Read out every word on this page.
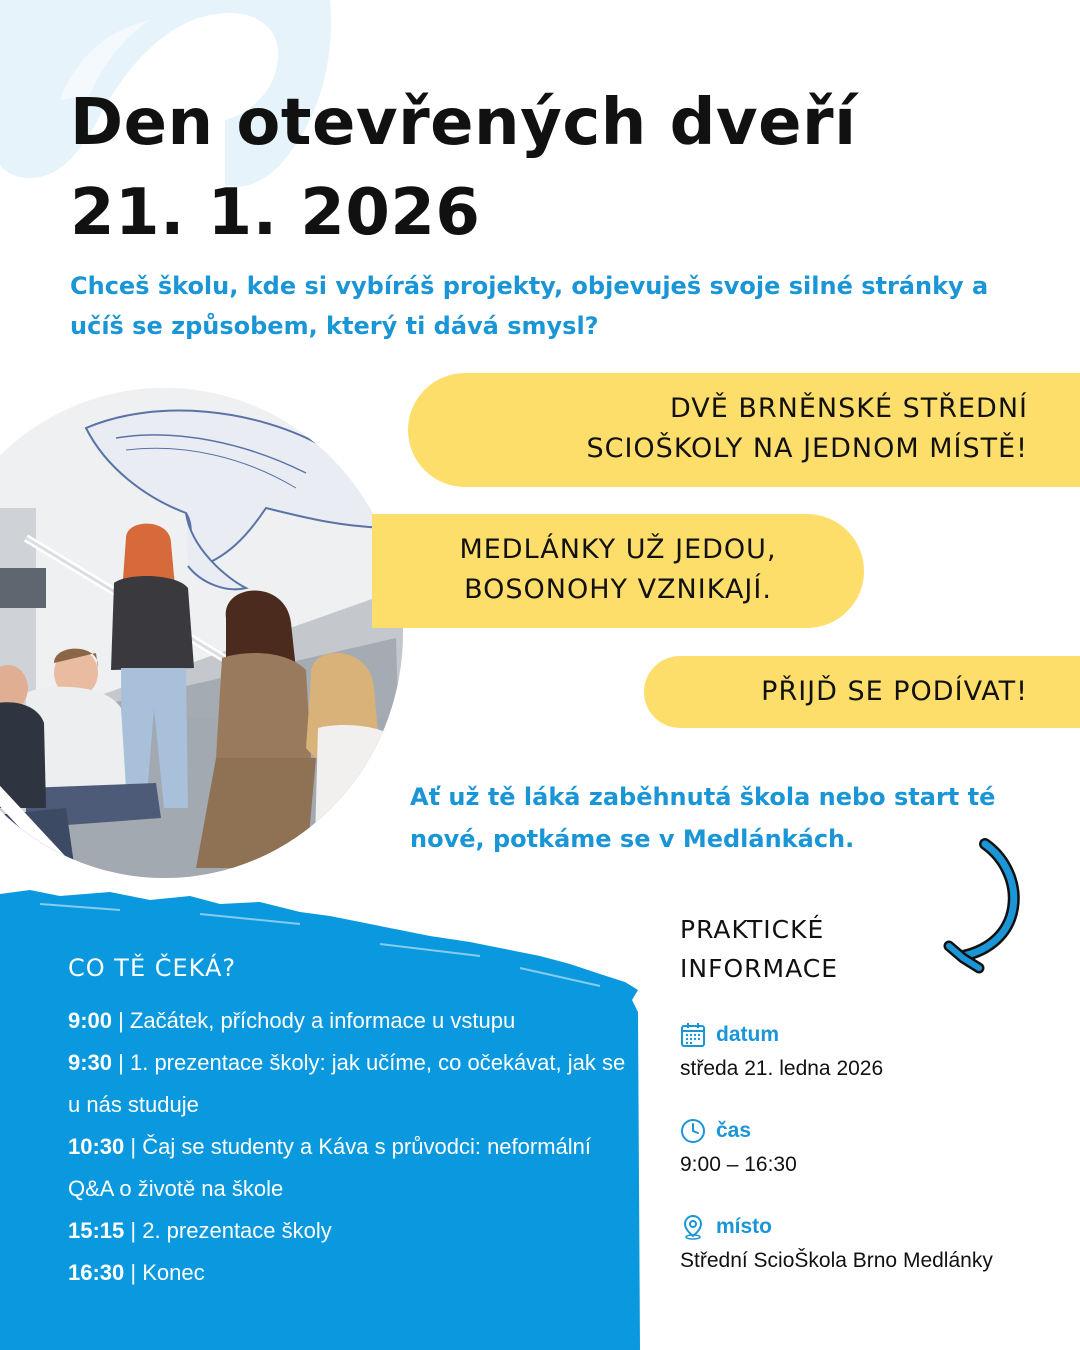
Den otevřených dveří
21. 1. 2026

Chceš školu, kde si vybíráš projekty, objevuješ svoje silné stránky a učíš se způsobem, který ti dává smysl?

DVĚ BRNĚNSKÉ STŘEDNÍ
SCIOŠKOLY NA JEDNOM MÍSTĚ!
MEDLÁNKY UŽ JEDOU,
BOSONOHY VZNIKAJÍ.
PŘIJĎ SE PODÍVAT!

Ať už tě láká zaběhnutá škola nebo start té nové, potkáme se v Medlánkách.

CO TĚ ČEKÁ?
9:00 | Začátek, příchody a informace u vstupu
9:30 | 1. prezentace školy: jak učíme, co očekávat, jak se u nás studuje
10:30 | Čaj se studenty a Káva s průvodci: neformální Q&A o životě na škole
15:15 | 2. prezentace školy
16:30 | Konec
PRAKTICKÉ
INFORMACE
datum
středa 21. ledna 2026
čas
9:00 – 16:30
místo
Střední ScioŠkola Brno Medlánky
